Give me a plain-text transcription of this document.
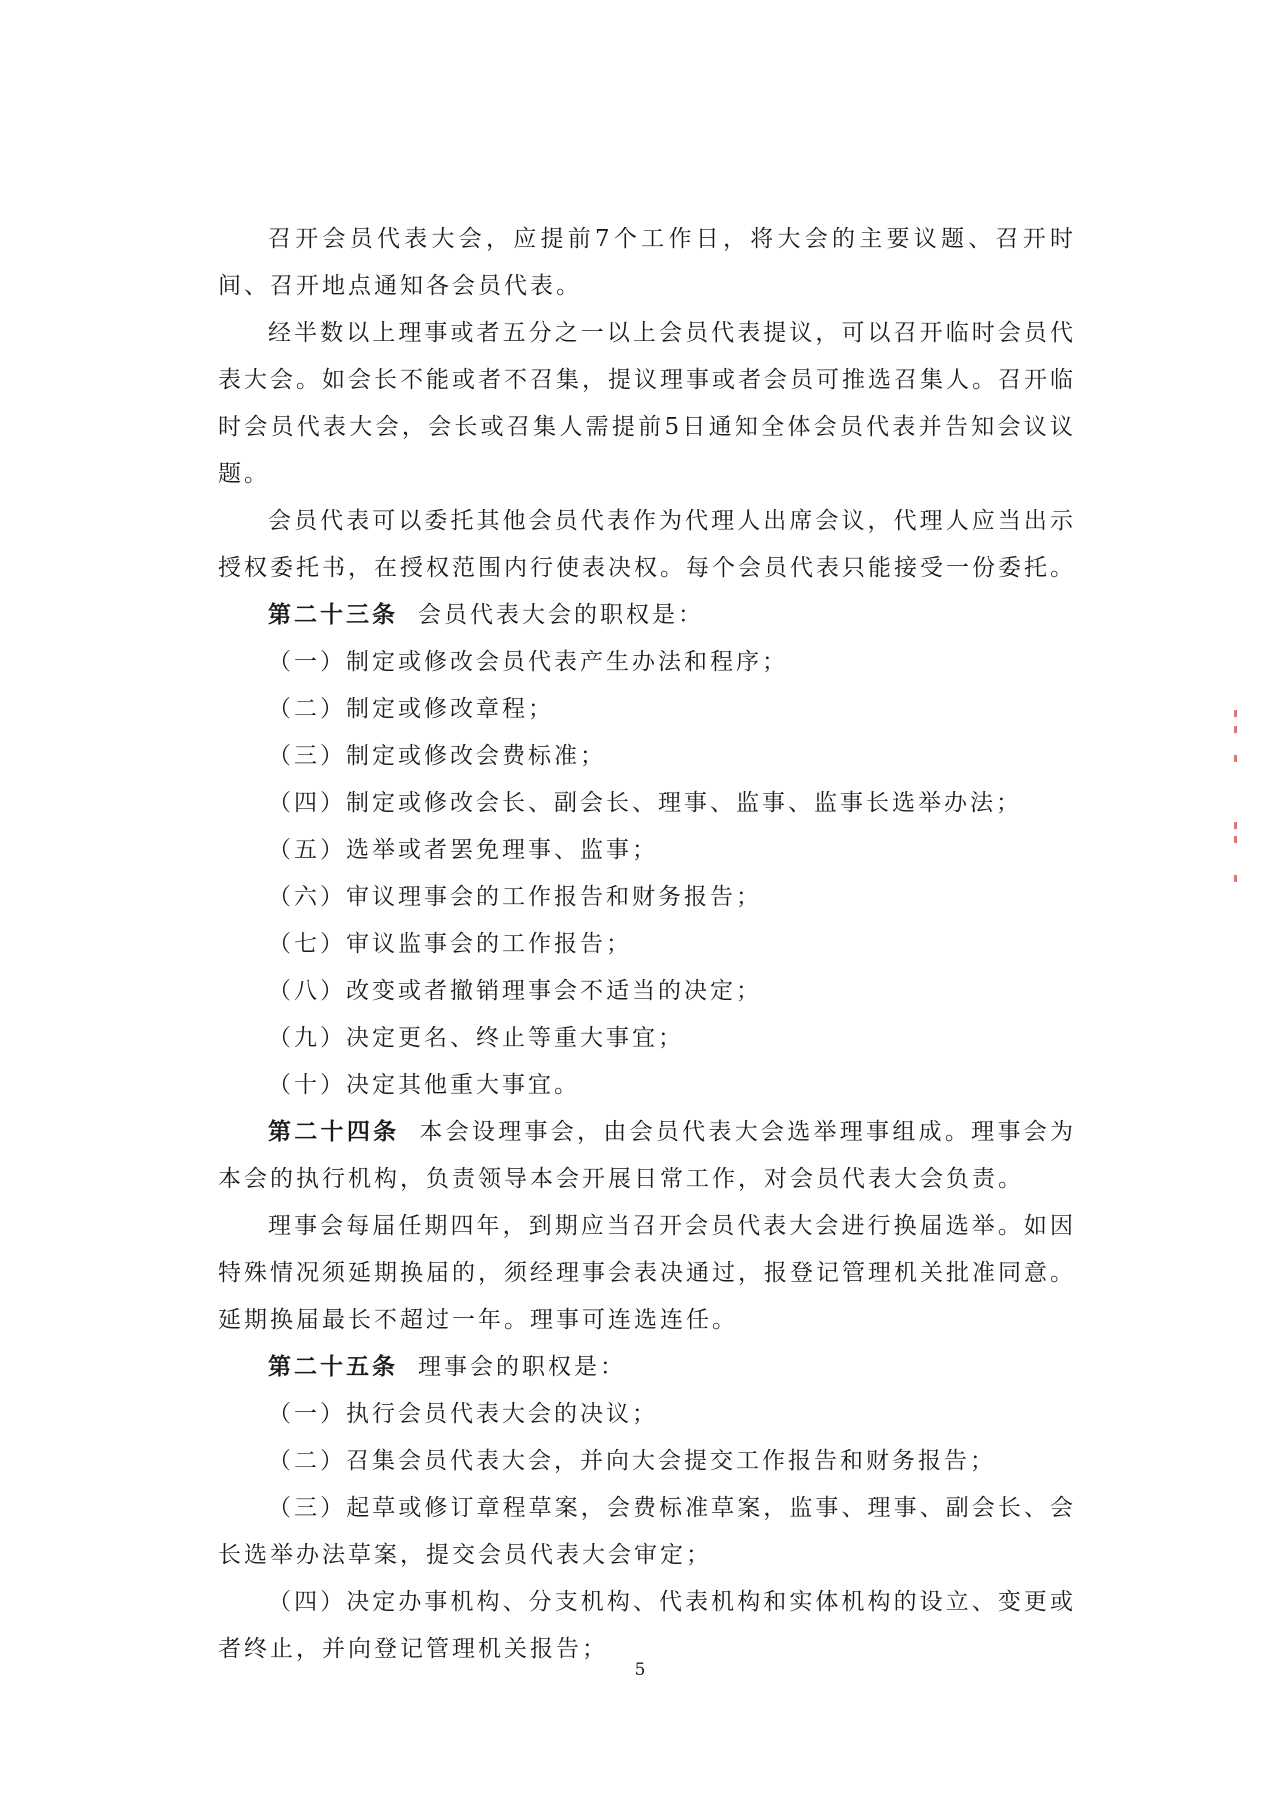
召开会员代表大会，应提前7个工作日，将大会的主要议题、召开时间、召开地点通知各会员代表。

经半数以上理事或者五分之一以上会员代表提议，可以召开临时会员代表大会。如会长不能或者不召集，提议理事或者会员可推选召集人。召开临时会员代表大会，会长或召集人需提前5日通知全体会员代表并告知会议议题。

会员代表可以委托其他会员代表作为代理人出席会议，代理人应当出示授权委托书，在授权范围内行使表决权。每个会员代表只能接受一份委托。

第二十三条 会员代表大会的职权是：

（一）制定或修改会员代表产生办法和程序；

（二）制定或修改章程；

（三）制定或修改会费标准；

（四）制定或修改会长、副会长、理事、监事、监事长选举办法；

（五）选举或者罢免理事、监事；

（六）审议理事会的工作报告和财务报告；

（七）审议监事会的工作报告；

（八）改变或者撤销理事会不适当的决定；

（九）决定更名、终止等重大事宜；

（十）决定其他重大事宜。

第二十四条 本会设理事会，由会员代表大会选举理事组成。理事会为本会的执行机构，负责领导本会开展日常工作，对会员代表大会负责。

理事会每届任期四年，到期应当召开会员代表大会进行换届选举。如因特殊情况须延期换届的，须经理事会表决通过，报登记管理机关批准同意。延期换届最长不超过一年。理事可连选连任。

第二十五条 理事会的职权是：

（一）执行会员代表大会的决议；

（二）召集会员代表大会，并向大会提交工作报告和财务报告；

（三）起草或修订章程草案，会费标准草案，监事、理事、副会长、会长选举办法草案，提交会员代表大会审定；

（四）决定办事机构、分支机构、代表机构和实体机构的设立、变更或者终止，并向登记管理机关报告；

5
